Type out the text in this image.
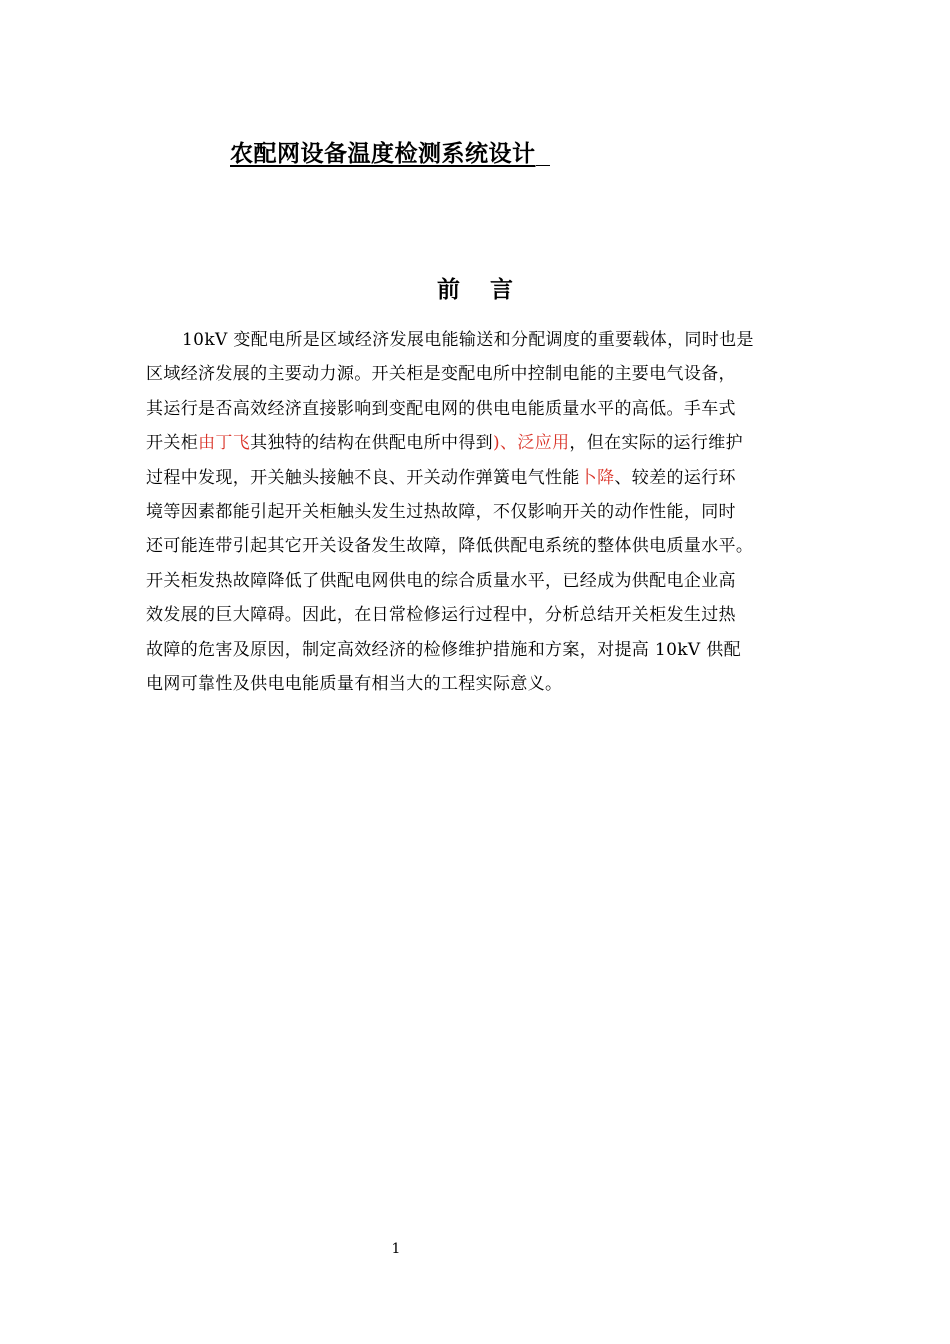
农配网设备温度检测系统设计
前言
10kV 变配电所是区域经济发展电能输送和分配调度的重要载体，同时也是
区域经济发展的主要动力源。开关柜是变配电所中控制电能的主要电气设备，
其运行是否高效经济直接影响到变配电网的供电电能质量水平的高低。手车式
开关柜由丁飞其独特的结构在供配电所中得到)、泛应用，但在实际的运行维护
过程中发现，开关触头接触不良、开关动作弹簧电气性能卜降、较差的运行环
境等因素都能引起开关柜触头发生过热故障，不仅影响开关的动作性能，同时
还可能连带引起其它开关设备发生故障，降低供配电系统的整体供电质量水平。
开关柜发热故障降低了供配电网供电的综合质量水平，已经成为供配电企业高
效发展的巨大障碍。因此，在日常检修运行过程中，分析总结开关柜发生过热
故障的危害及原因，制定高效经济的检修维护措施和方案，对提高 10kV 供配
电网可靠性及供电电能质量有相当大的工程实际意义。
1
